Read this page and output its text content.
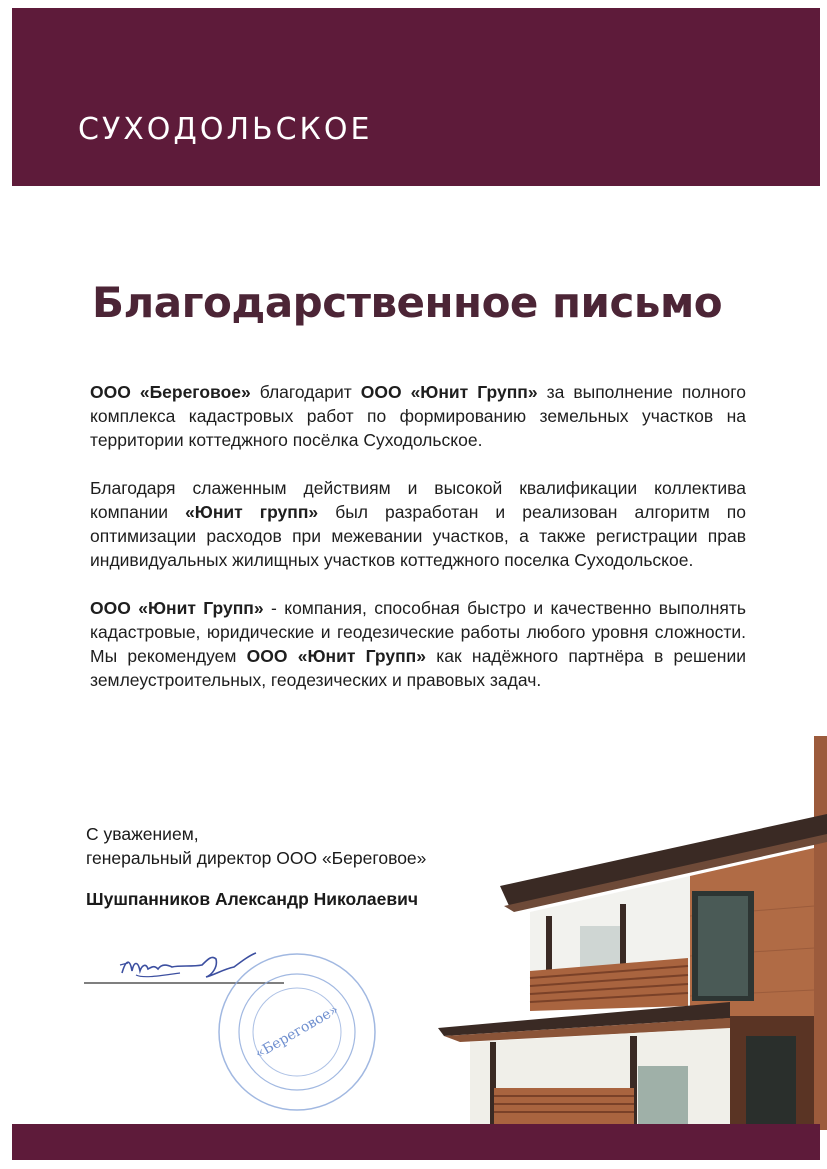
СУХОДОЛЬСКОЕ
Благодарственное письмо

ООО «Береговое» благодарит ООО «Юнит Групп» за выполнение полного комплекса кадастровых работ по формированию земельных участков на территории коттеджного посёлка Суходольское.

Благодаря слаженным действиям и высокой квалификации коллектива компании «Юнит групп» был разработан и реализован алгоритм по оптимизации расходов при межевании участков, а также регистрации прав индивидуальных жилищных участков коттеджного поселка Суходольское.

ООО «Юнит Групп» - компания, способная быстро и качественно выполнять кадастровые, юридические и геодезические работы любого уровня сложности. Мы рекомендуем ООО «Юнит Групп» как надёжного партнёра в решении землеустроительных, геодезических и правовых задач.

С уважением,
генеральный директор ООО «Береговое»
Шушпанников Александр Николаевич
«Береговое»
